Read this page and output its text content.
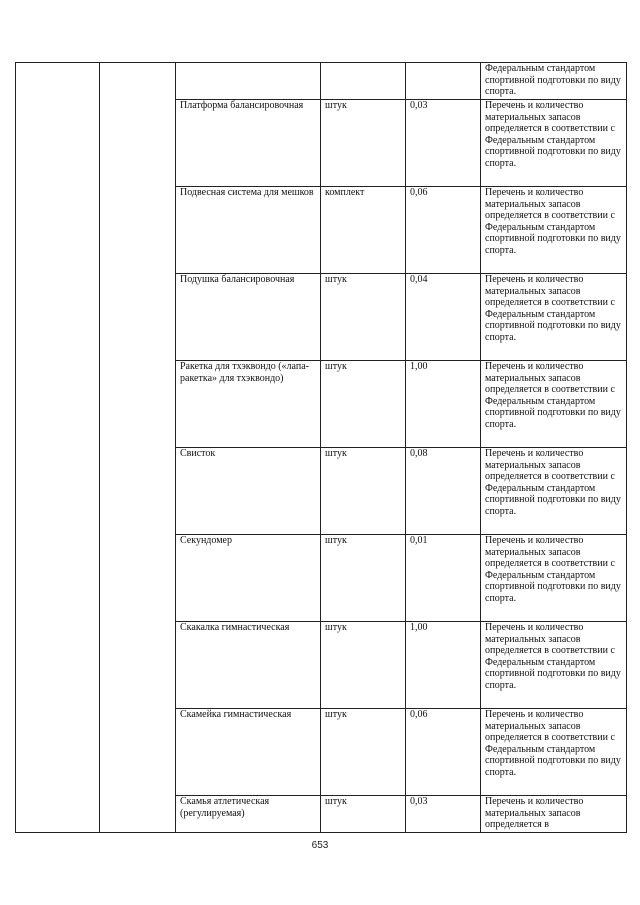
					Федеральным стандартом спортивной подготовки по виду спорта.
		Платформа балансировочная	штук	0,03	Перечень и количество материальных запасов определяется в соответствии с Федеральным стандартом спортивной подготовки по виду спорта.
		Подвесная система для мешков	комплект	0,06	Перечень и количество материальных запасов определяется в соответствии с Федеральным стандартом спортивной подготовки по виду спорта.
		Подушка балансировочная	штук	0,04	Перечень и количество материальных запасов определяется в соответствии с Федеральным стандартом спортивной подготовки по виду спорта.
		Ракетка для тхэквондо («лапа-ракетка» для тхэквондо)	штук	1,00	Перечень и количество материальных запасов определяется в соответствии с Федеральным стандартом спортивной подготовки по виду спорта.
		Свисток	штук	0,08	Перечень и количество материальных запасов определяется в соответствии с Федеральным стандартом спортивной подготовки по виду спорта.
		Секундомер	штук	0,01	Перечень и количество материальных запасов определяется в соответствии с Федеральным стандартом спортивной подготовки по виду спорта.
		Скакалка гимнастическая	штук	1,00	Перечень и количество материальных запасов определяется в соответствии с Федеральным стандартом спортивной подготовки по виду спорта.
		Скамейка гимнастическая	штук	0,06	Перечень и количество материальных запасов определяется в соответствии с Федеральным стандартом спортивной подготовки по виду спорта.
		Скамья атлетическая (регулируемая)	штук	0,03	Перечень и количество материальных запасов определяется в
653
